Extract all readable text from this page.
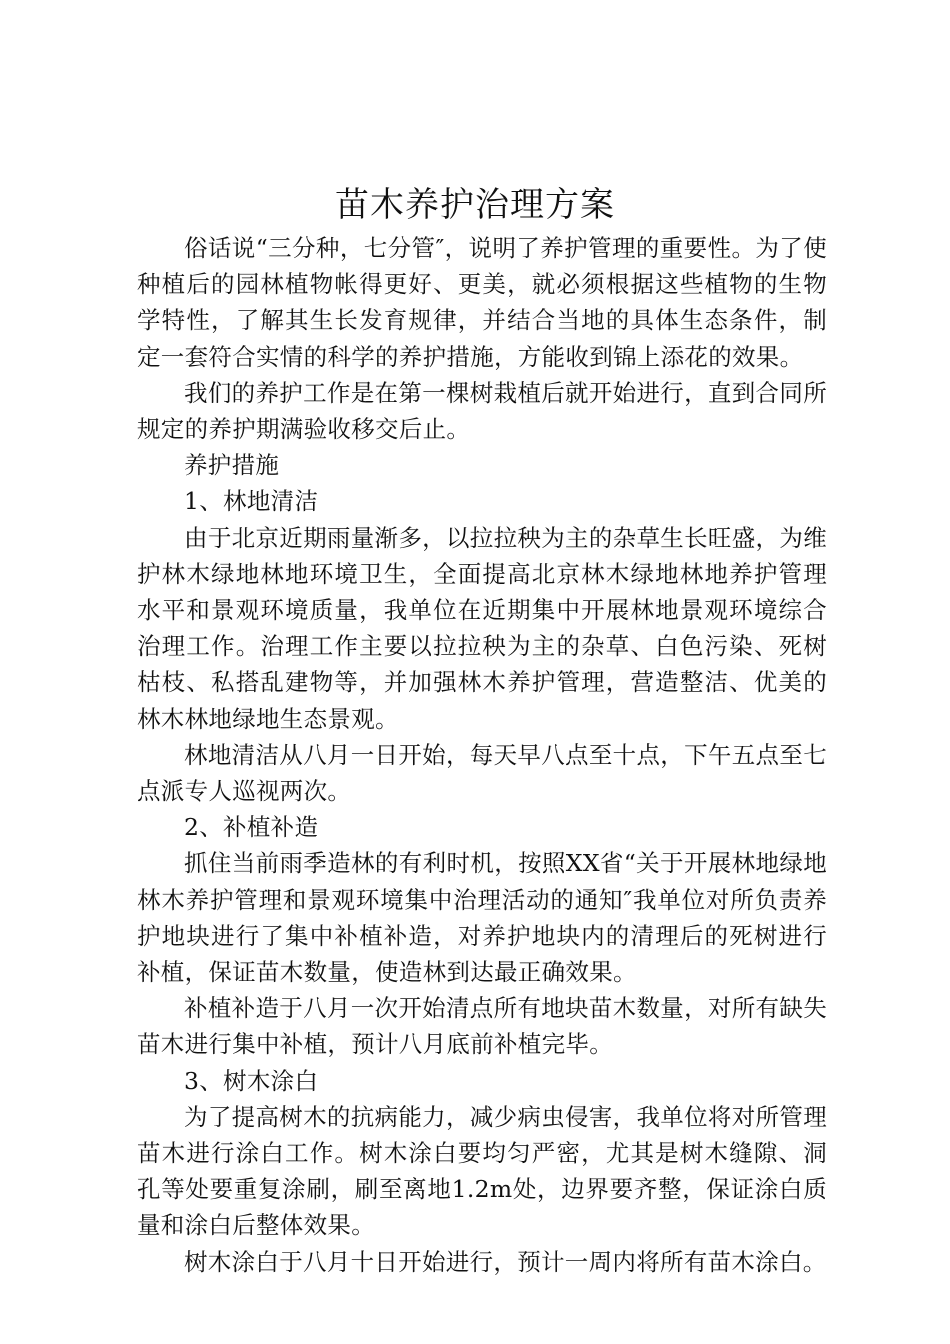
苗木养护治理方案

俗话说“三分种，七分管″，说明了养护管理的重要性。为了使种植后的园林植物帐得更好、更美，就必须根据这些植物的生物学特性，了解其生长发育规律，并结合当地的具体生态条件，制定一套符合实情的科学的养护措施，方能收到锦上添花的效果。

我们的养护工作是在第一棵树栽植后就开始进行，直到合同所规定的养护期满验收移交后止。

养护措施

1、林地清洁

由于北京近期雨量渐多，以拉拉秧为主的杂草生长旺盛，为维护林木绿地林地环境卫生，全面提高北京林木绿地林地养护管理水平和景观环境质量，我单位在近期集中开展林地景观环境综合治理工作。治理工作主要以拉拉秧为主的杂草、白色污染、死树枯枝、私搭乱建物等，并加强林木养护管理，营造整洁、优美的林木林地绿地生态景观。

林地清洁从八月一日开始，每天早八点至十点，下午五点至七点派专人巡视两次。

2、补植补造

抓住当前雨季造林的有利时机，按照XX省“关于开展林地绿地林木养护管理和景观环境集中治理活动的通知″我单位对所负责养护地块进行了集中补植补造，对养护地块内的清理后的死树进行补植，保证苗木数量，使造林到达最正确效果。

补植补造于八月一次开始清点所有地块苗木数量，对所有缺失苗木进行集中补植，预计八月底前补植完毕。

3、树木涂白

为了提高树木的抗病能力，减少病虫侵害，我单位将对所管理苗木进行涂白工作。树木涂白要均匀严密，尤其是树木缝隙、洞孔等处要重复涂刷，刷至离地1.2m处，边界要齐整，保证涂白质量和涂白后整体效果。

树木涂白于八月十日开始进行，预计一周内将所有苗木涂白。
